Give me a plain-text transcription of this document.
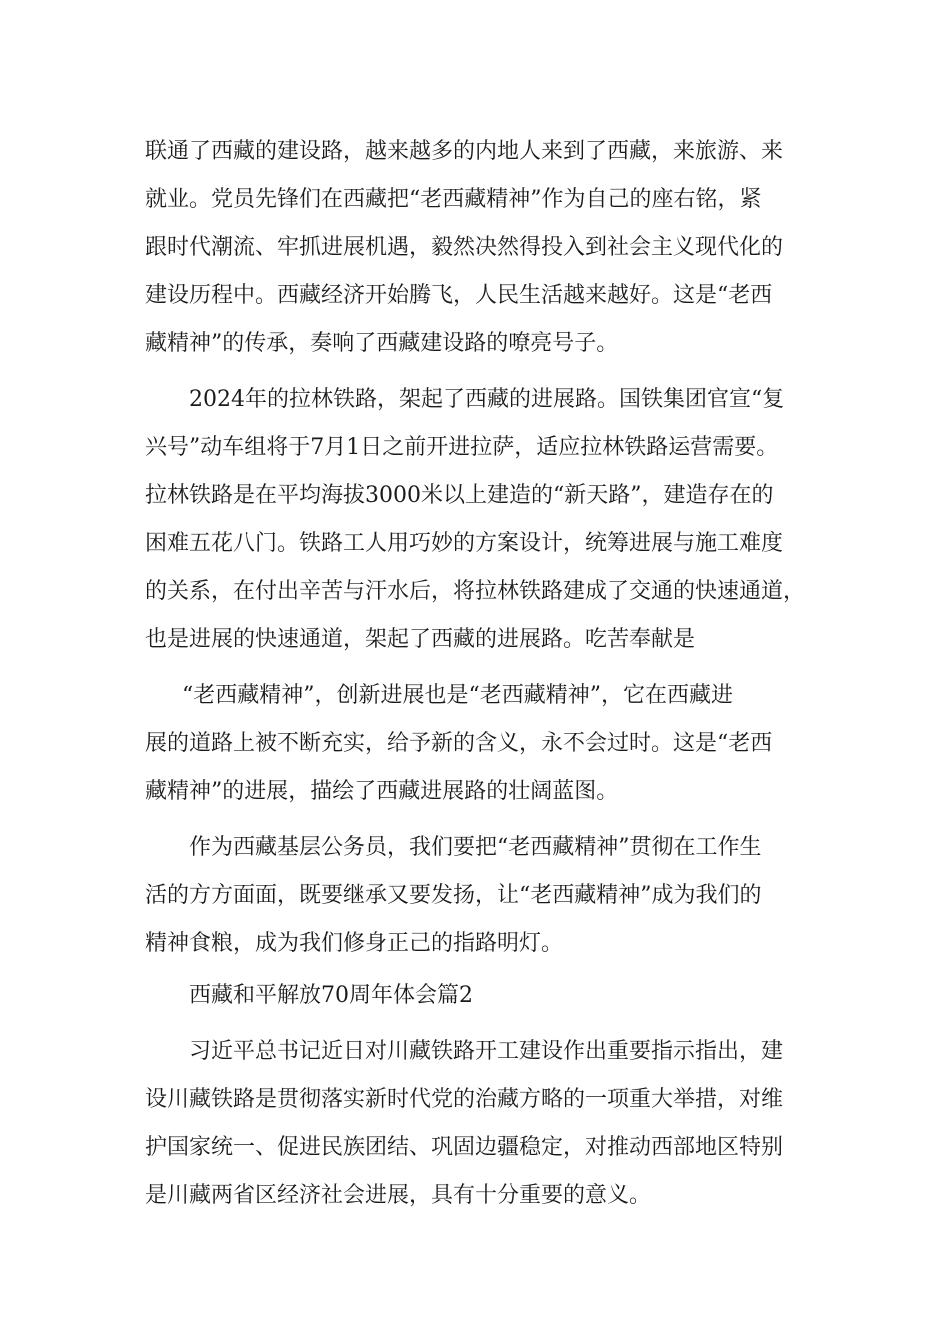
联通了西藏的建设路，越来越多的内地人来到了西藏，来旅游、来
就业。党员先锋们在西藏把“老西藏精神”作为自己的座右铭，紧
跟时代潮流、牢抓进展机遇，毅然决然得投入到社会主义现代化的
建设历程中。西藏经济开始腾飞，人民生活越来越好。这是“老西
藏精神”的传承，奏响了西藏建设路的嘹亮号子。
2024年的拉林铁路，架起了西藏的进展路。国铁集团官宣“复
兴号”动车组将于7月1日之前开进拉萨，适应拉林铁路运营需要。
拉林铁路是在平均海拔3000米以上建造的“新天路”，建造存在的
困难五花八门。铁路工人用巧妙的方案设计，统筹进展与施工难度
的关系，在付出辛苦与汗水后，将拉林铁路建成了交通的快速通道，
也是进展的快速通道，架起了西藏的进展路。吃苦奉献是
“老西藏精神”，创新进展也是“老西藏精神”，它在西藏进
展的道路上被不断充实，给予新的含义，永不会过时。这是“老西
藏精神”的进展，描绘了西藏进展路的壮阔蓝图。
作为西藏基层公务员，我们要把“老西藏精神”贯彻在工作生
活的方方面面，既要继承又要发扬，让“老西藏精神”成为我们的
精神食粮，成为我们修身正己的指路明灯。
西藏和平解放70周年体会篇2
习近平总书记近日对川藏铁路开工建设作出重要指示指出，建
设川藏铁路是贯彻落实新时代党的治藏方略的一项重大举措，对维
护国家统一、促进民族团结、巩固边疆稳定，对推动西部地区特别
是川藏两省区经济社会进展，具有十分重要的意义。
